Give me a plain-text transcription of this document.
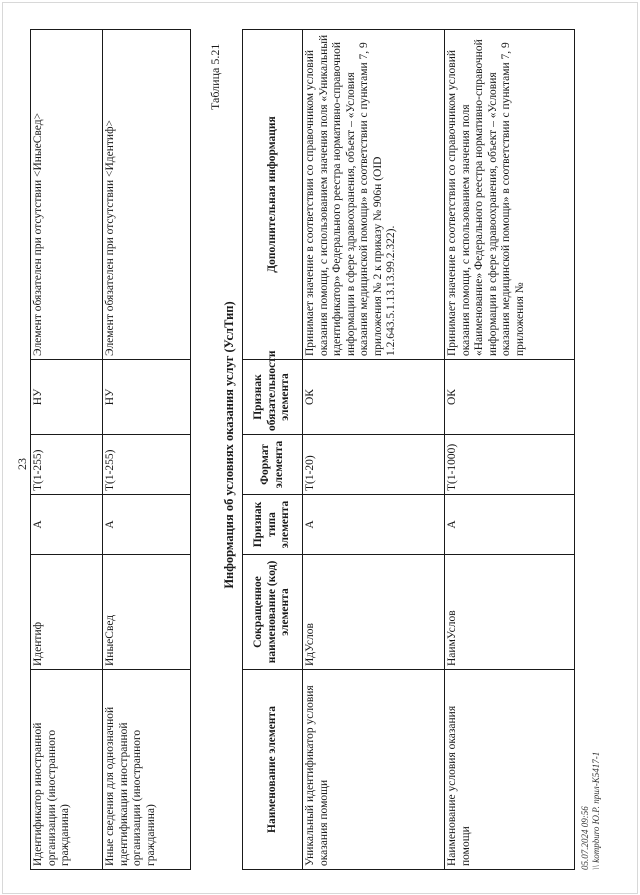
23
Идентификатор иностранной организации (иностранного гражданина)	Идентиф	А	T(1-255)	НУ	Элемент обязателен при отсутствии <ИныеСвед>
Иные сведения для однозначной идентификации иностранной организации (иностранного гражданина)	ИныеСвед	А	T(1-255)	НУ	Элемент обязателен при отсутствии <Идентиф>
Таблица 5.21
Информация об условиях оказания услуг (УслТип)
Наименование элемента	Сокращенное наименование (код) элемента	Признак типа элемента	Формат элемента	Признак обязательности элемента	Дополнительная информация
Уникальный идентификатор условия оказания помощи	ИдУслов	А	T(1-20)	ОК	Принимает значение в соответствии со справочником условий оказания помощи, с использованием значения поля «Уникальный идентификатор» Федерального реестра нормативно-справочной информации в сфере здравоохранения, объект – «Условия оказания медицинской помощи» в соответствии с пунктами 7, 9 приложения № 2 к приказу № 906н (OID 1.2.643.5.1.13.13.99.2.322).
Наименование условия оказания помощи	НаимУслов	А	T(1-1000)	ОК	Принимает значение в соответствии со справочником условий оказания помощи, с использованием значения поля «Наименование» Федерального реестра нормативно-справочной информации в сфере здравоохранения, объект – «Условия оказания медицинской помощи» в соответствии с пунктами 7, 9 приложения №
05.07.2024 09:56 \\ kompburo Ю.Р. прил-К5417-1
